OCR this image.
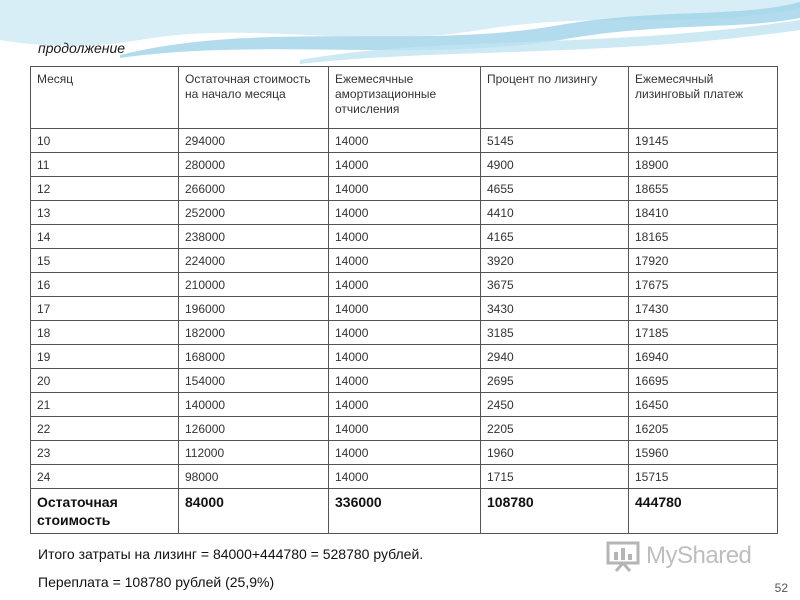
продолжение
Месяц	Остаточная стоимость на начало месяца	Ежемесячные амортизационные отчисления	Процент по лизингу	Ежемесячный лизинговый платеж
10	294000	14000	5145	19145
11	280000	14000	4900	18900
12	266000	14000	4655	18655
13	252000	14000	4410	18410
14	238000	14000	4165	18165
15	224000	14000	3920	17920
16	210000	14000	3675	17675
17	196000	14000	3430	17430
18	182000	14000	3185	17185
19	168000	14000	2940	16940
20	154000	14000	2695	16695
21	140000	14000	2450	16450
22	126000	14000	2205	16205
23	112000	14000	1960	15960
24	98000	14000	1715	15715
Остаточная стоимость	84000	336000	108780	444780
Итого затраты на лизинг = 84000+444780 = 528780 рублей.
Переплата = 108780 рублей (25,9%)
MyShared
52
